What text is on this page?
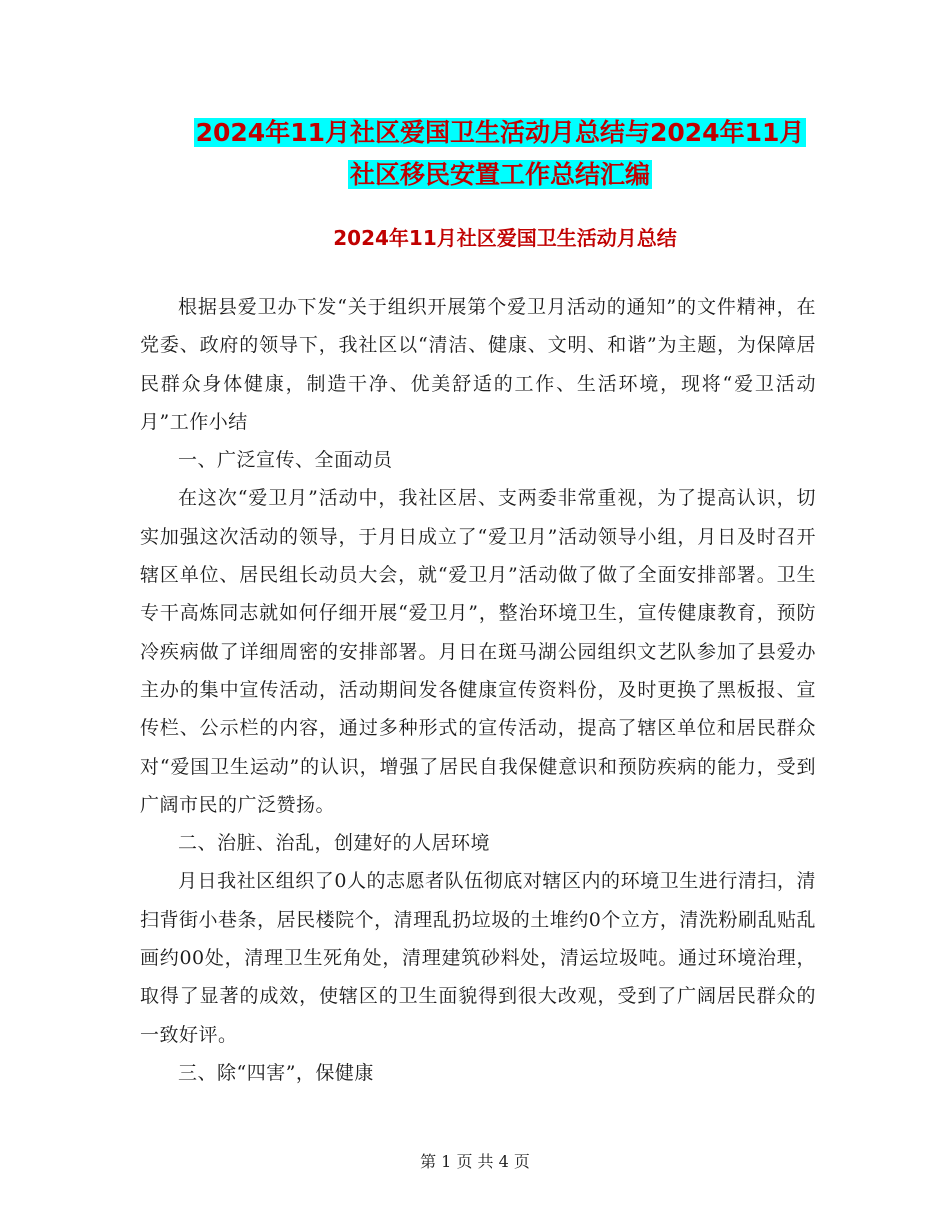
2024年11月社区爱国卫生活动月总结与2024年11月
社区移民安置工作总结汇编
2024年11月社区爱国卫生活动月总结

根据县爱卫办下发“关于组织开展第个爱卫月活动的通知”的文件精神，在 党委、政府的领导下，我社区以“清洁、健康、文明、和谐”为主题，为保障居民群众身体健康，制造干净、优美舒适的工作、生活环境，现将“爱卫活动月”工作小结

一、广泛宣传、全面动员

在这次“爱卫月”活动中，我社区居、支两委非常重视，为了提高认识，切实加强这次活动的领导，于月日成立了“爱卫月”活动领导小组，月日及时召开辖区单位、居民组长动员大会，就“爱卫月”活动做了做了全面安排部署。卫生专干高炼同志就如何仔细开展“爱卫月”，整治环境卫生，宣传健康教育，预防冷疾病做了详细周密的安排部署。月日在斑马湖公园组织文艺队参加了县爱办主办的集中宣传活动，活动期间发各健康宣传资料份，及时更换了黑板报、宣传栏、公示栏的内容，通过多种形式的宣传活动，提高了辖区单位和居民群众对“爱国卫生运动”的认识，增强了居民自我保健意识和预防疾病的能力，受到广阔市民的广泛赞扬。

二、治脏、治乱，创建好的人居环境

月日我社区组织了0人的志愿者队伍彻底对辖区内的环境卫生进行清扫，清扫背街小巷条，居民楼院个，清理乱扔垃圾的土堆约0个立方，清洗粉刷乱贴乱画约00处，清理卫生死角处，清理建筑砂料处，清运垃圾吨。通过环境治理，取得了显著的成效，使辖区的卫生面貌得到很大改观，受到了广阔居民群众的一致好评。

三、除“四害”，保健康

第 1 页 共 4 页
